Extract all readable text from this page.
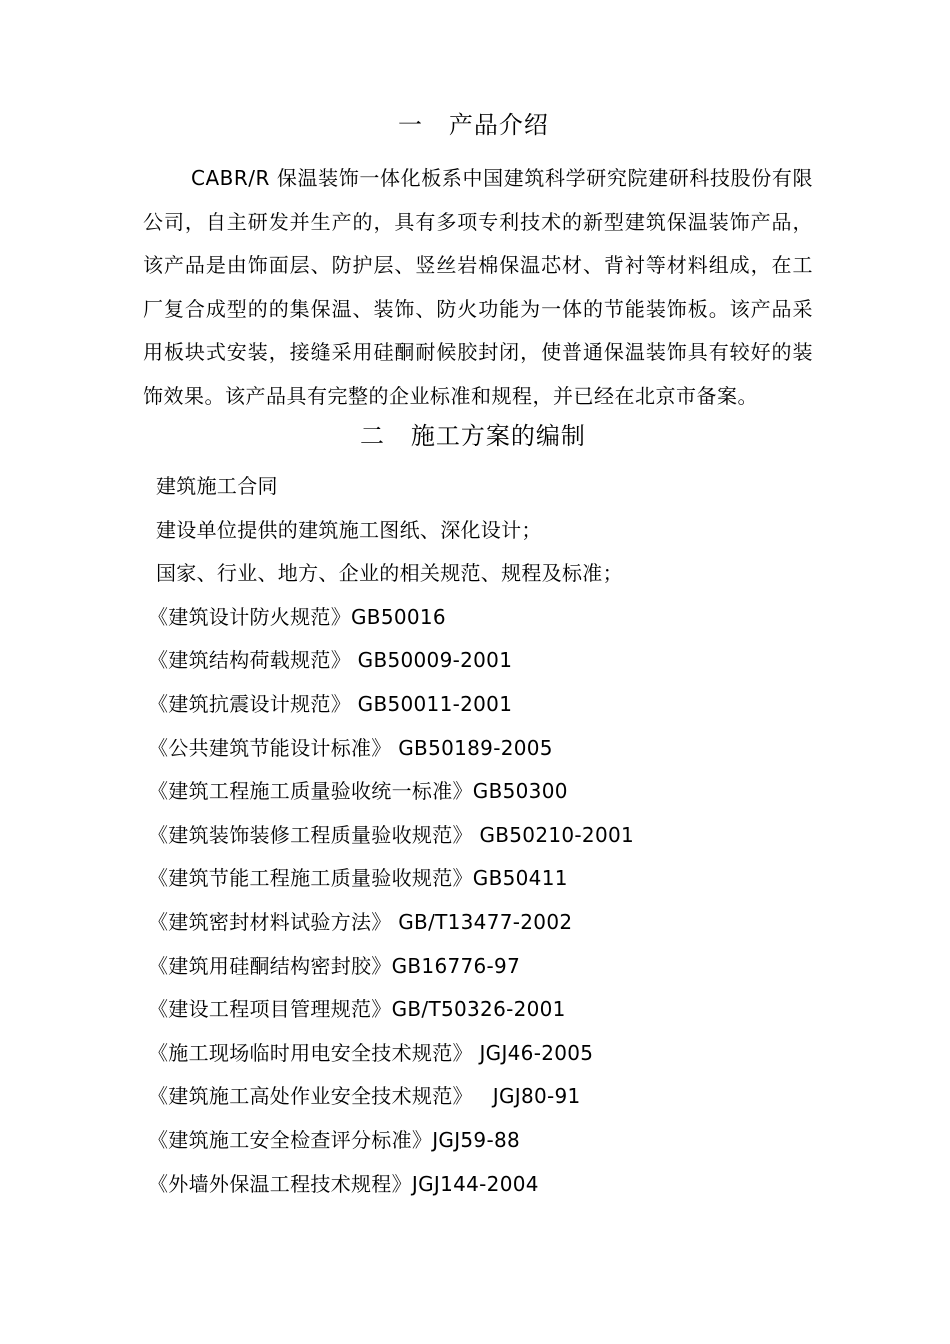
一   产品介绍

CABR/R 保温装饰一体化板系中国建筑科学研究院建研科技股份有限公司，自主研发并生产的，具有多项专利技术的新型建筑保温装饰产品，该产品是由饰面层、防护层、竖丝岩棉保温芯材、背衬等材料组成，在工厂复合成型的的集保温、装饰、防火功能为一体的节能装饰板。该产品采用板块式安装，接缝采用硅酮耐候胶封闭，使普通保温装饰具有较好的装饰效果。该产品具有完整的企业标准和规程，并已经在北京市备案。

二   施工方案的编制
建筑施工合同
建设单位提供的建筑施工图纸、深化设计；
国家、行业、地方、企业的相关规范、规程及标准；
《建筑设计防火规范》GB50016
《建筑结构荷载规范》 GB50009-2001
《建筑抗震设计规范》 GB50011-2001
《公共建筑节能设计标准》 GB50189-2005
《建筑工程施工质量验收统一标准》GB50300
《建筑装饰装修工程质量验收规范》 GB50210-2001
《建筑节能工程施工质量验收规范》GB50411
《建筑密封材料试验方法》 GB/T13477-2002
《建筑用硅酮结构密封胶》GB16776-97
《建设工程项目管理规范》GB/T50326-2001
《施工现场临时用电安全技术规范》 JGJ46-2005
《建筑施工高处作业安全技术规范》   JGJ80-91
《建筑施工安全检查评分标准》JGJ59-88
《外墙外保温工程技术规程》JGJ144-2004
